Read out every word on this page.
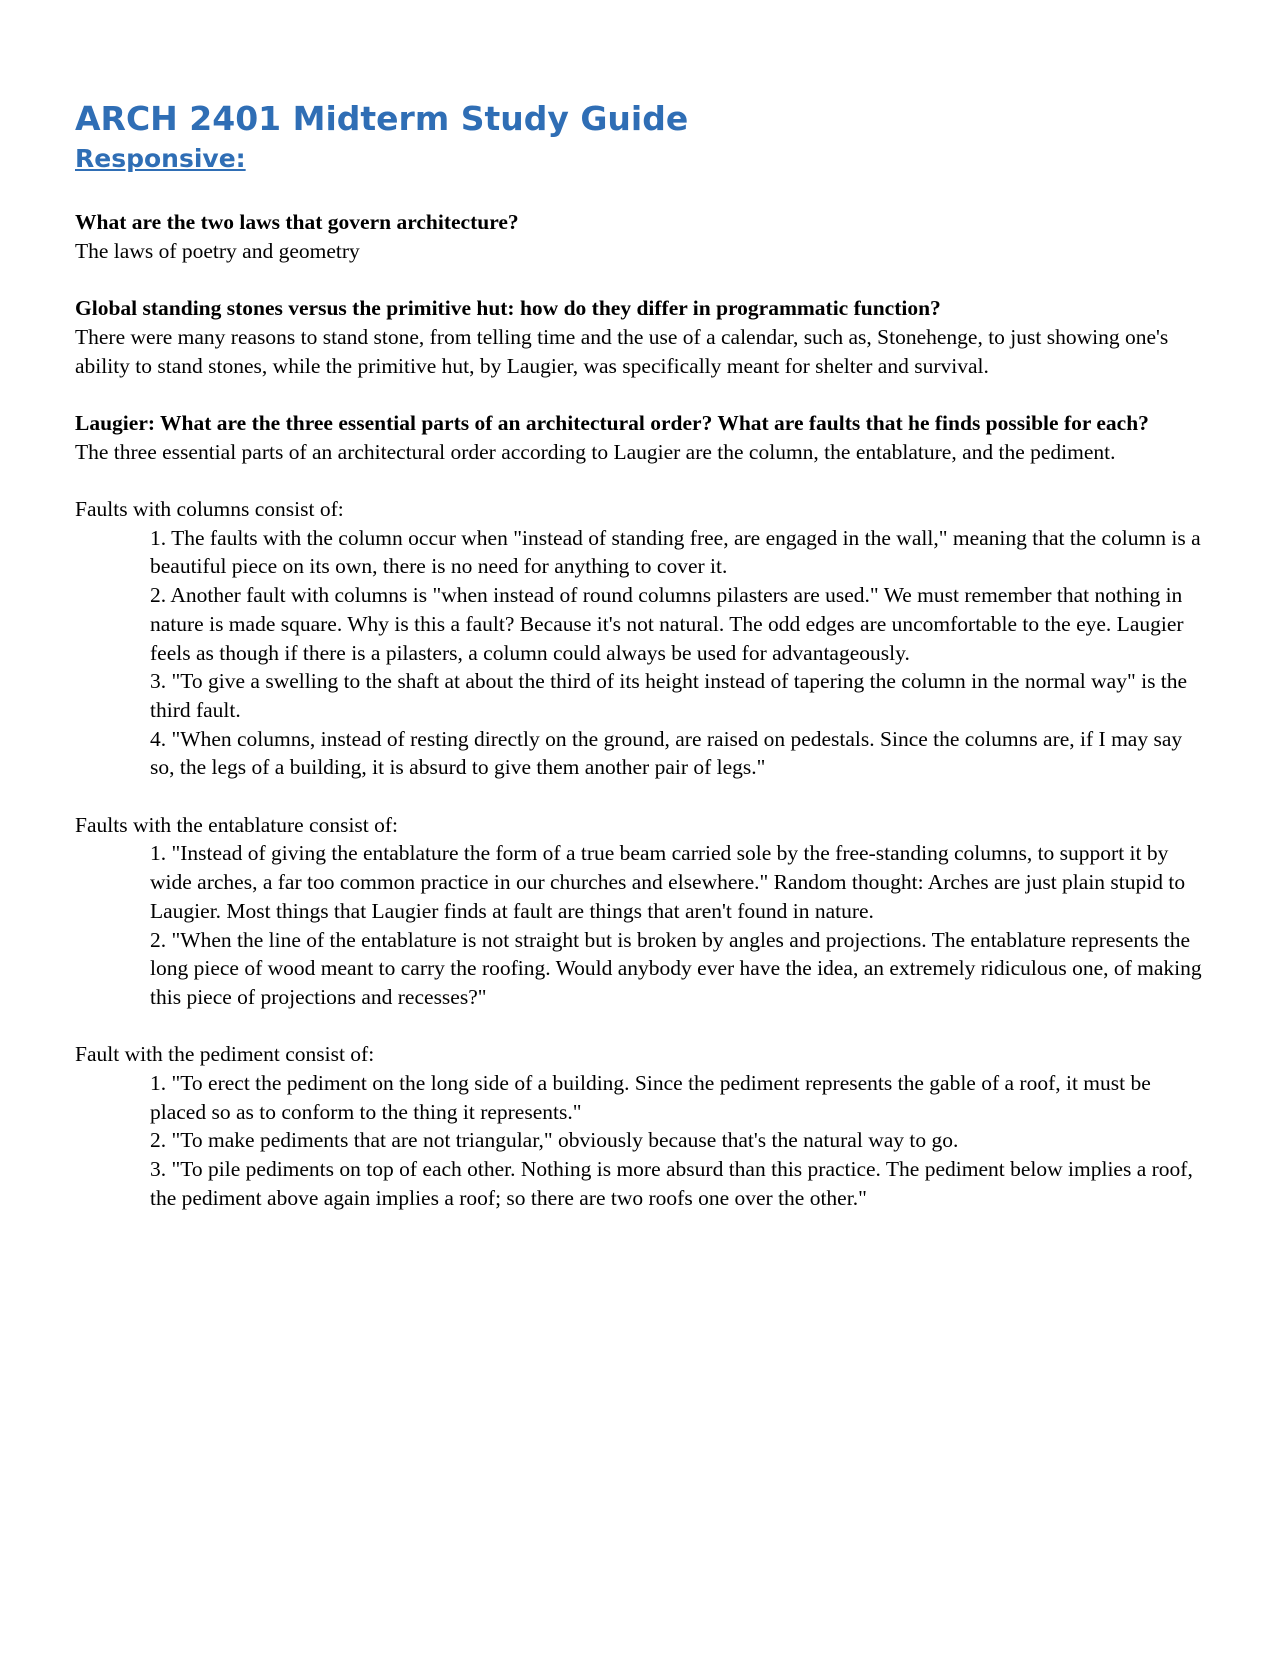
ARCH 2401 Midterm Study Guide
Responsive:

What are the two laws that govern architecture?

The laws of poetry and geometry

Global standing stones versus the primitive hut: how do they differ in programmatic function?

There were many reasons to stand stone, from telling time and the use of a calendar, such as, Stonehenge, to just showing one's ability to stand stones, while the primitive hut, by Laugier, was specifically meant for shelter and survival.

Laugier: What are the three essential parts of an architectural order? What are faults that he finds possible for each?

The three essential parts of an architectural order according to Laugier are the column, the entablature, and the pediment.

Faults with columns consist of:

1. The faults with the column occur when "instead of standing free, are engaged in the wall," meaning that the column is a beautiful piece on its own, there is no need for anything to cover it.
2. Another fault with columns is "when instead of round columns pilasters are used." We must remember that nothing in nature is made square. Why is this a fault? Because it's not natural. The odd edges are uncomfortable to the eye. Laugier feels as though if there is a pilasters, a column could always be used for advantageously.
3. "To give a swelling to the shaft at about the third of its height instead of tapering the column in the normal way" is the third fault.
4. "When columns, instead of resting directly on the ground, are raised on pedestals. Since the columns are, if I may say so, the legs of a building, it is absurd to give them another pair of legs."

Faults with the entablature consist of:

1. "Instead of giving the entablature the form of a true beam carried sole by the free-standing columns, to support it by wide arches, a far too common practice in our churches and elsewhere." Random thought: Arches are just plain stupid to Laugier. Most things that Laugier finds at fault are things that aren't found in nature.
2. "When the line of the entablature is not straight but is broken by angles and projections. The entablature represents the long piece of wood meant to carry the roofing. Would anybody ever have the idea, an extremely ridiculous one, of making this piece of projections and recesses?"

Fault with the pediment consist of:

1. "To erect the pediment on the long side of a building. Since the pediment represents the gable of a roof, it must be placed so as to conform to the thing it represents."
2. "To make pediments that are not triangular," obviously because that's the natural way to go.
3. "To pile pediments on top of each other. Nothing is more absurd than this practice. The pediment below implies a roof, the pediment above again implies a roof; so there are two roofs one over the other."
